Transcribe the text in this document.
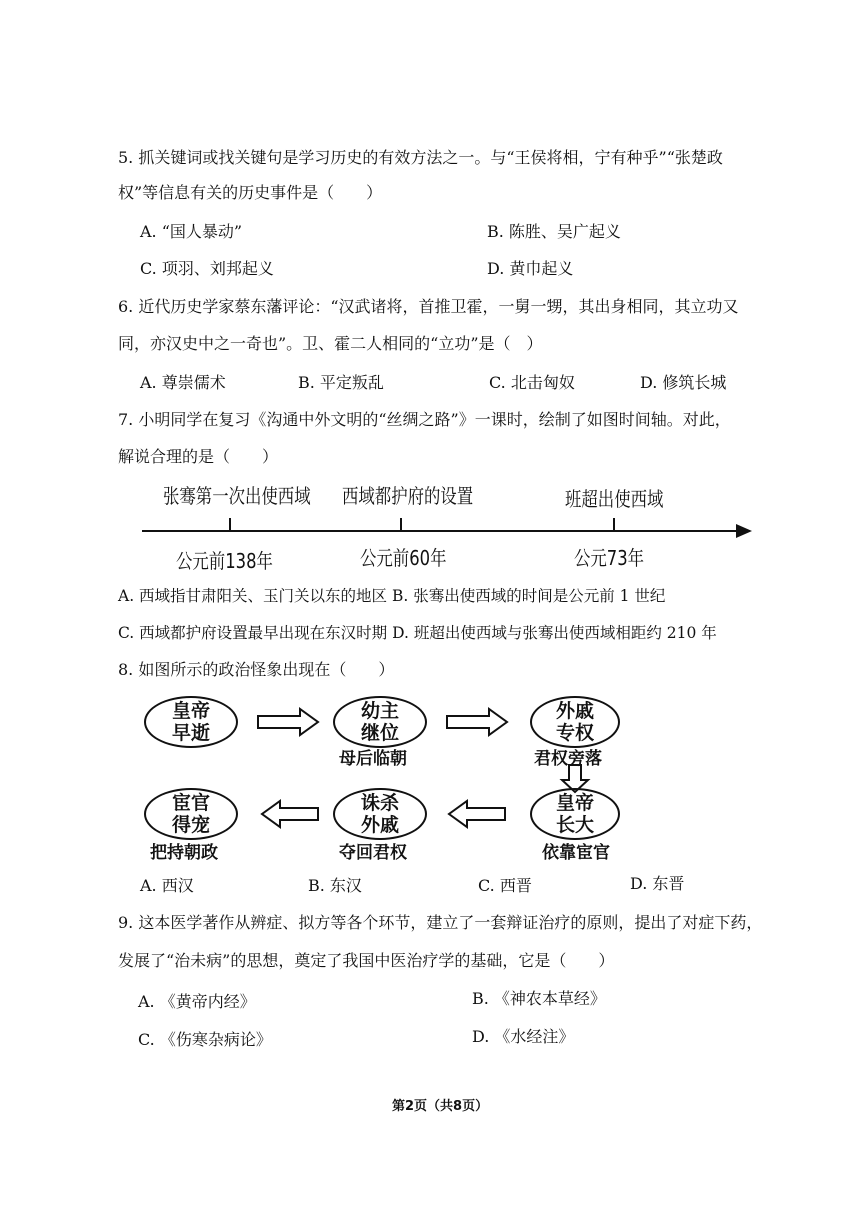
5. 抓关键词或找关键句是学习历史的有效方法之一。与“王侯将相，宁有种乎”“张楚政
权”等信息有关的历史事件是（　　）
A. “国人暴动”	B. 陈胜、吴广起义
C. 项羽、刘邦起义	D. 黄巾起义
6. 近代历史学家蔡东藩评论：“汉武诸将，首推卫霍，一舅一甥，其出身相同，其立功又
同，亦汉史中之一奇也”。卫、霍二人相同的“立功”是（　）
A. 尊崇儒术	B. 平定叛乱	C. 北击匈奴	D. 修筑长城
7. 小明同学在复习《沟通中外文明的“丝绸之路”》一课时，绘制了如图时间轴。对此，
解说合理的是（　　）
张骞第一次出使西域 西域都护府的设置	班超出使西域
公元前138年	公元前60年	公元73年
A. 西域指甘肃阳关、玉门关以东的地区 B. 张骞出使西域的时间是公元前 1 世纪
C. 西域都护府设置最早出现在东汉时期 D. 班超出使西域与张骞出使西域相距约 210 年
8. 如图所示的政治怪象出现在（　　）
皇帝
早逝
幼主
继位
母后临朝
外戚
专权
君权旁落
皇帝
长大
依靠宦官
诛杀
外戚
夺回君权
宦官
得宠
把持朝政
A. 西汉	B. 东汉	C. 西晋	D. 东晋
9. 这本医学著作从辨症、拟方等各个环节，建立了一套辩证治疗的原则，提出了对症下药，
发展了“治未病”的思想，奠定了我国中医治疗学的基础，它是（　　）
A. 《黄帝内经》	B. 《神农本草经》
C. 《伤寒杂病论》	D. 《水经注》
第2页（共8页）
